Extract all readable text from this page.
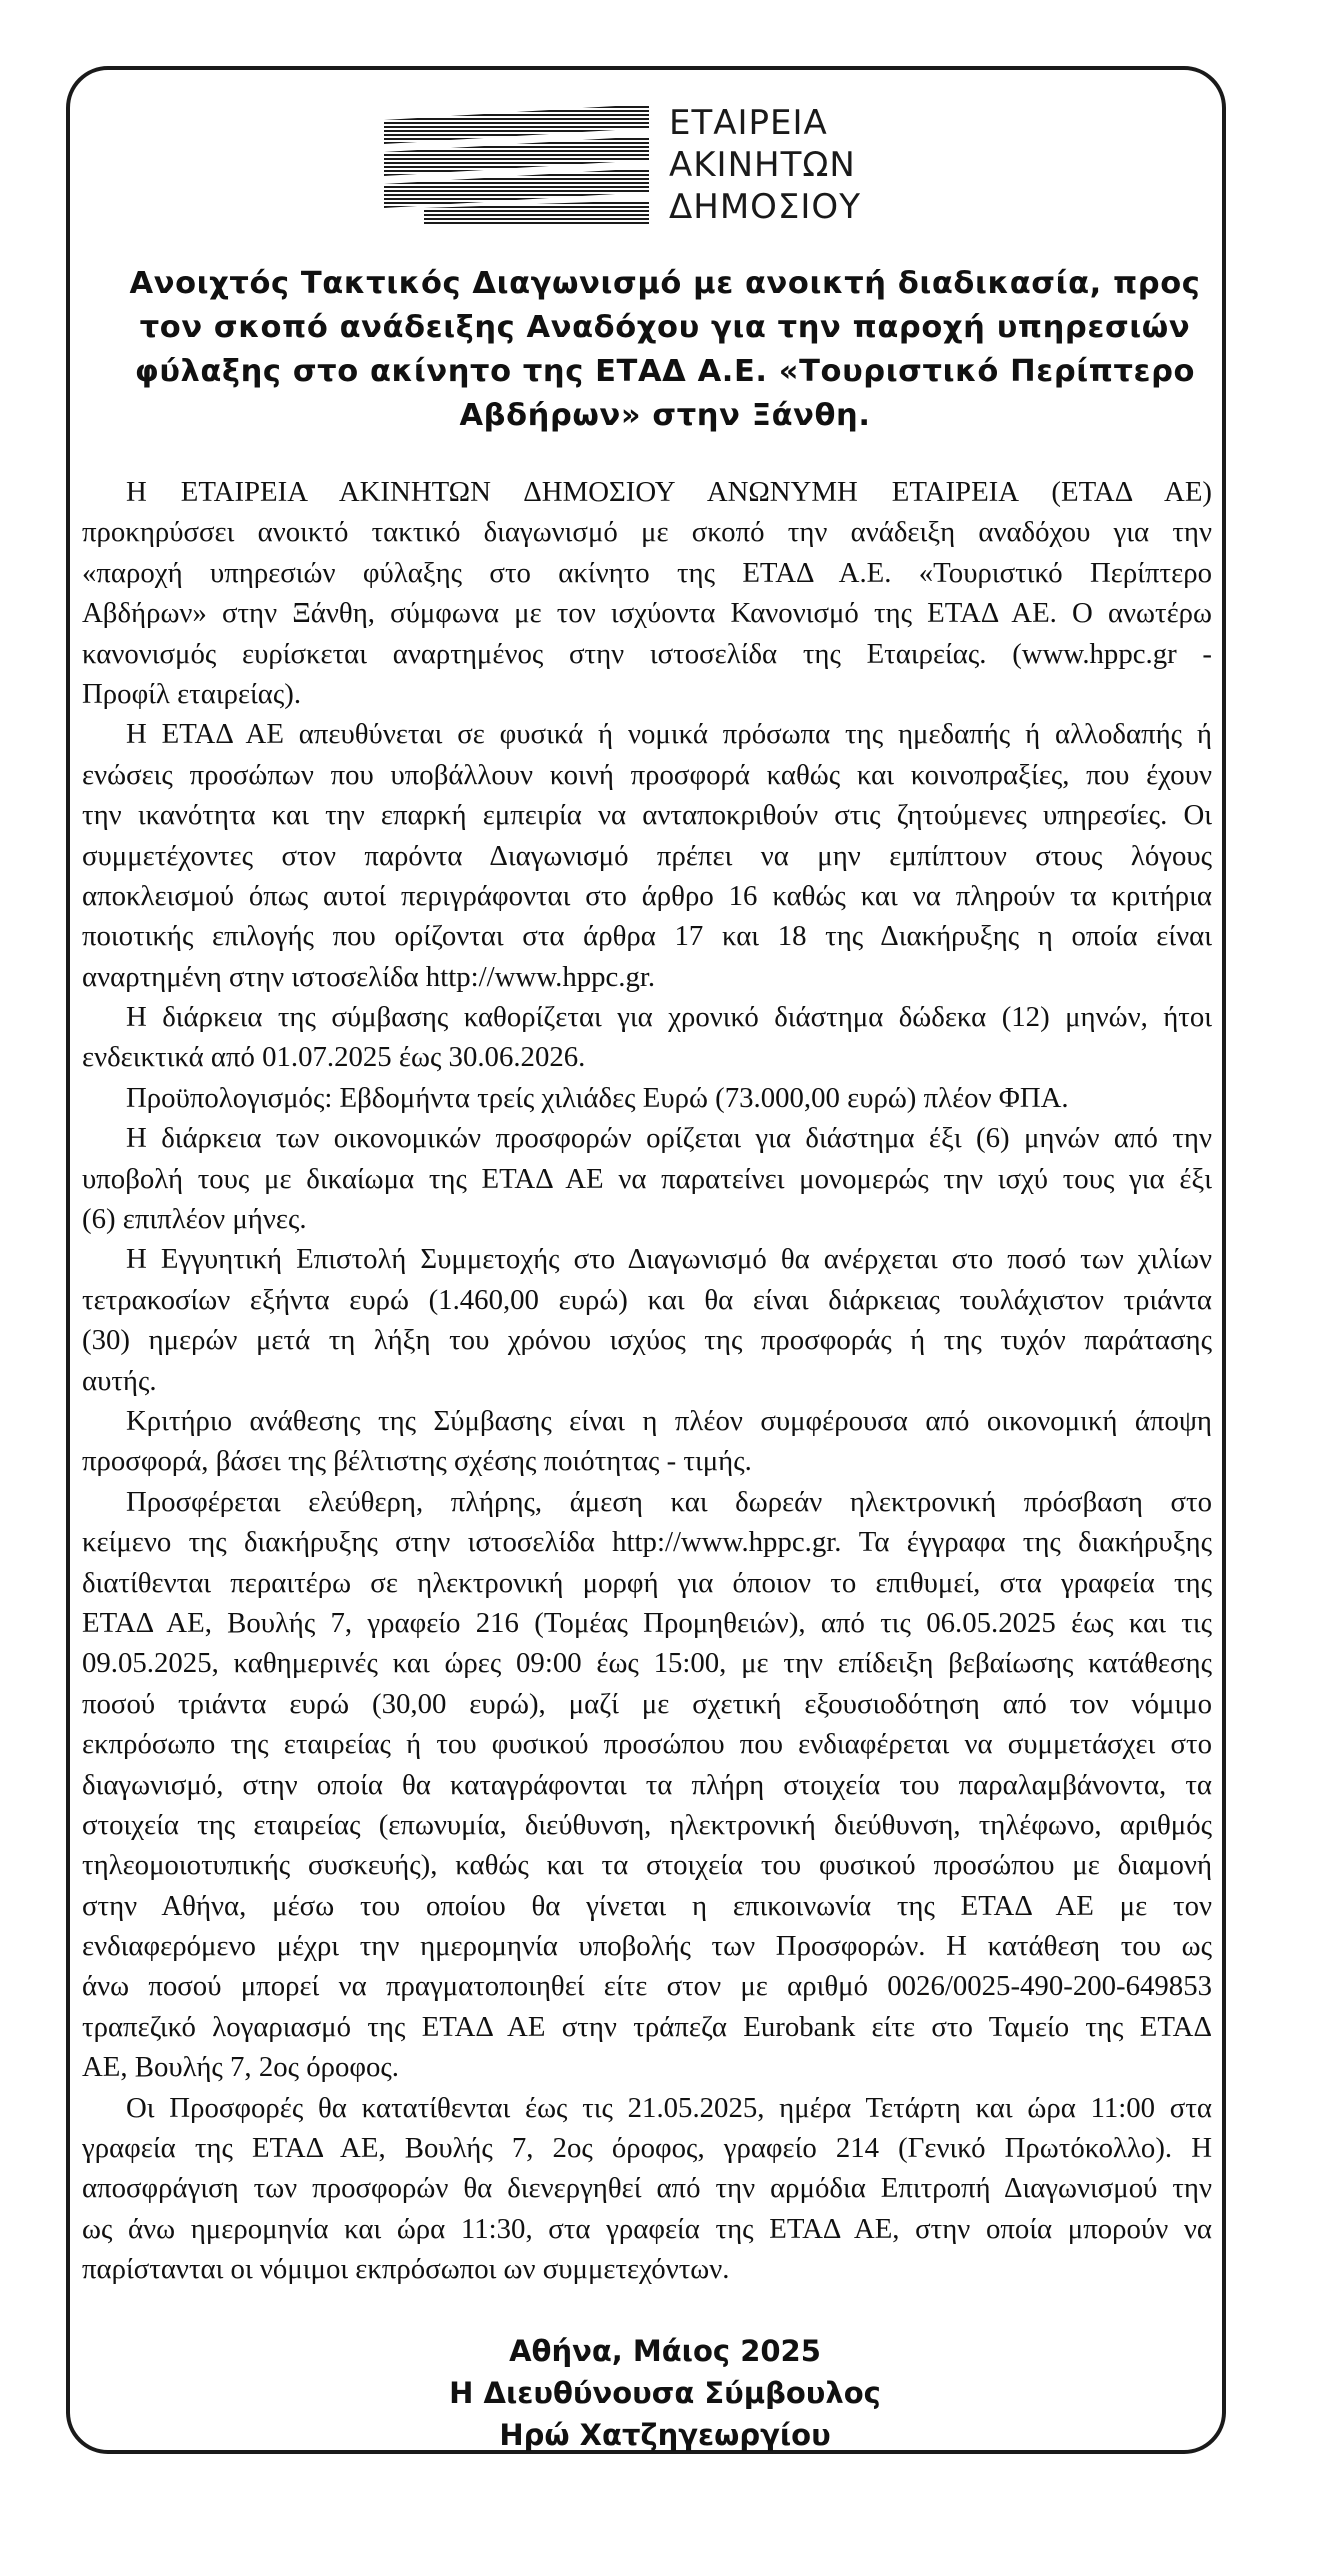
ΕΤΑΙΡΕΙΑ
ΑΚΙΝΗΤΩΝ
ΔΗΜΟΣΙΟΥ
Ανοιχτός Τακτικός Διαγωνισμό με ανοικτή διαδικασία, προς
τον σκοπό ανάδειξης Αναδόχου για την παροχή υπηρεσιών
φύλαξης στο ακίνητο της ΕΤΑΔ Α.Ε. «Τουριστικό Περίπτερο
Αβδήρων» στην Ξάνθη.
Η ΕΤΑΙΡΕΙΑ ΑΚΙΝΗΤΩΝ ΔΗΜΟΣΙΟΥ ΑΝΩΝΥΜΗ ΕΤΑΙΡΕΙΑ (ΕΤΑΔ ΑΕ)
προκηρύσσει ανοικτό τακτικό διαγωνισμό με σκοπό την ανάδειξη αναδόχου για την
«παροχή υπηρεσιών φύλαξης στο ακίνητο της ΕΤΑΔ Α.Ε. «Τουριστικό Περίπτερο
Αβδήρων» στην Ξάνθη, σύμφωνα με τον ισχύοντα Κανονισμό της ΕΤΑΔ ΑΕ. Ο ανωτέρω
κανονισμός ευρίσκεται αναρτημένος στην ιστοσελίδα της Εταιρείας. (www.hppc.gr -
Προφίλ εταιρείας).
Η ΕΤΑΔ ΑΕ απευθύνεται σε φυσικά ή νομικά πρόσωπα της ημεδαπής ή αλλοδαπής ή
ενώσεις προσώπων που υποβάλλουν κοινή προσφορά καθώς και κοινοπραξίες, που έχουν
την ικανότητα και την επαρκή εμπειρία να ανταποκριθούν στις ζητούμενες υπηρεσίες. Οι
συμμετέχοντες στον παρόντα Διαγωνισμό πρέπει να μην εμπίπτουν στους λόγους
αποκλεισμού όπως αυτοί περιγράφονται στο άρθρο 16 καθώς και να πληρούν τα κριτήρια
ποιοτικής επιλογής που ορίζονται στα άρθρα 17 και 18 της Διακήρυξης η οποία είναι
αναρτημένη στην ιστοσελίδα http://www.hppc.gr.
Η διάρκεια της σύμβασης καθορίζεται για χρονικό διάστημα δώδεκα (12) μηνών, ήτοι
ενδεικτικά από 01.07.2025 έως 30.06.2026.
Προϋπολογισμός: Εβδομήντα τρείς χιλιάδες Ευρώ (73.000,00 ευρώ) πλέον ΦΠΑ.
Η διάρκεια των οικονομικών προσφορών ορίζεται για διάστημα έξι (6) μηνών από την
υποβολή τους με δικαίωμα της ΕΤΑΔ ΑΕ να παρατείνει μονομερώς την ισχύ τους για έξι
(6) επιπλέον μήνες.
Η Εγγυητική Επιστολή Συμμετοχής στο Διαγωνισμό θα ανέρχεται στο ποσό των χιλίων
τετρακοσίων εξήντα ευρώ (1.460,00 ευρώ) και θα είναι διάρκειας τουλάχιστον τριάντα
(30) ημερών μετά τη λήξη του χρόνου ισχύος της προσφοράς ή της τυχόν παράτασης
αυτής.
Κριτήριο ανάθεσης της Σύμβασης είναι η πλέον συμφέρουσα από οικονομική άποψη
προσφορά, βάσει της βέλτιστης σχέσης ποιότητας - τιμής.
Προσφέρεται ελεύθερη, πλήρης, άμεση και δωρεάν ηλεκτρονική πρόσβαση στο
κείμενο της διακήρυξης στην ιστοσελίδα http://www.hppc.gr. Τα έγγραφα της διακήρυξης
διατίθενται περαιτέρω σε ηλεκτρονική μορφή για όποιον το επιθυμεί, στα γραφεία της
ΕΤΑΔ ΑΕ, Βουλής 7, γραφείο 216 (Τομέας Προμηθειών), από τις 06.05.2025 έως και τις
09.05.2025, καθημερινές και ώρες 09:00 έως 15:00, με την επίδειξη βεβαίωσης κατάθεσης
ποσού τριάντα ευρώ (30,00 ευρώ), μαζί με σχετική εξουσιοδότηση από τον νόμιμο
εκπρόσωπο της εταιρείας ή του φυσικού προσώπου που ενδιαφέρεται να συμμετάσχει στο
διαγωνισμό, στην οποία θα καταγράφονται τα πλήρη στοιχεία του παραλαμβάνοντα, τα
στοιχεία της εταιρείας (επωνυμία, διεύθυνση, ηλεκτρονική διεύθυνση, τηλέφωνο, αριθμός
τηλεομοιοτυπικής συσκευής), καθώς και τα στοιχεία του φυσικού προσώπου με διαμονή
στην Αθήνα, μέσω του οποίου θα γίνεται η επικοινωνία της ΕΤΑΔ ΑΕ με τον
ενδιαφερόμενο μέχρι την ημερομηνία υποβολής των Προσφορών. Η κατάθεση του ως
άνω ποσού μπορεί να πραγματοποιηθεί είτε στον με αριθμό 0026/0025-490-200-649853
τραπεζικό λογαριασμό της ΕΤΑΔ ΑΕ στην τράπεζα Eurobank είτε στο Ταμείο της ΕΤΑΔ
ΑΕ, Βουλής 7, 2ος όροφος.
Οι Προσφορές θα κατατίθενται έως τις 21.05.2025, ημέρα Τετάρτη και ώρα 11:00 στα
γραφεία της ΕΤΑΔ ΑΕ, Βουλής 7, 2ος όροφος, γραφείο 214 (Γενικό Πρωτόκολλο). Η
αποσφράγιση των προσφορών θα διενεργηθεί από την αρμόδια Επιτροπή Διαγωνισμού την
ως άνω ημερομηνία και ώρα 11:30, στα γραφεία της ΕΤΑΔ ΑΕ, στην οποία μπορούν να
παρίστανται οι νόμιμοι εκπρόσωποι ων συμμετεχόντων.
Αθήνα, Μάιος 2025
Η Διευθύνουσα Σύμβουλος
Ηρώ Χατζηγεωργίου
